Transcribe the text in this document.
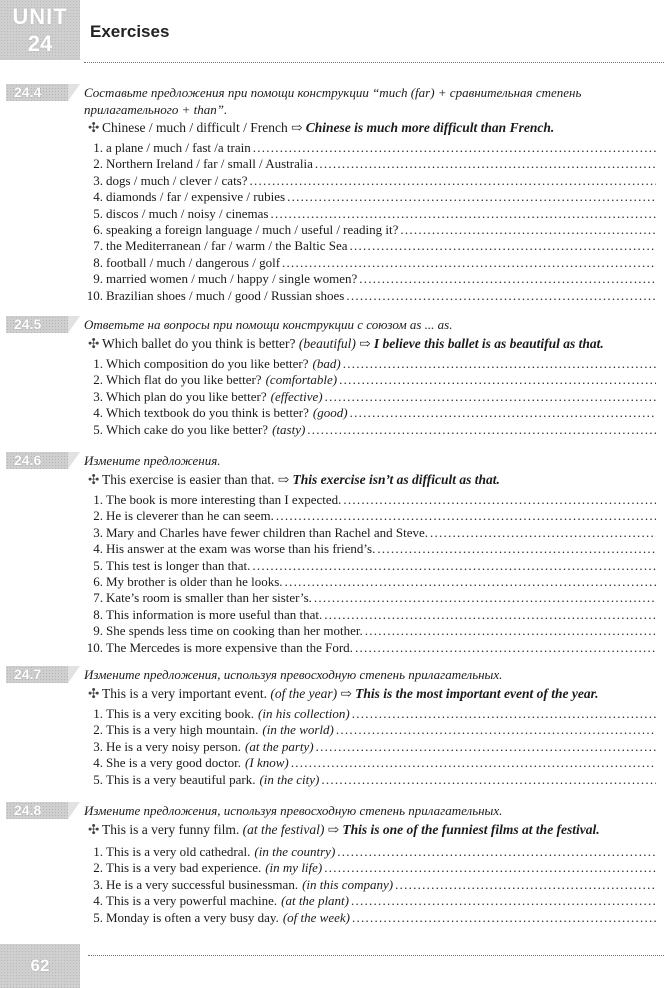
UNIT
24	Exercises
24.4	Составьте предложения при помощи конструкции “much (far) + сравнительная степень прилагательного + than”.
✣ Chinese / much / difficult / French ⇨ Chinese is much more difficult than French.
1. a plane / much / fast /a train
. . .
2. Northern Ireland / far / small / Australia
. . .
3. dogs / much / clever / cats?
. . .
4. diamonds / far / expensive / rubies
. . .
5. discos / much / noisy / cinemas
. . .
6. speaking a foreign language / much / useful / reading it?
. . .
7. the Mediterranean / far / warm / the Baltic Sea
. . .
8. football / much / dangerous / golf
. . .
9. married women / much / happy / single women?
. . .
10. Brazilian shoes / much / good / Russian shoes
. . .
24.5	Ответьте на вопросы при помощи конструкции с союзом as ... as.
✣ Which ballet do you think is better? (beautiful) ⇨ I believe this ballet is as beautiful as that.
1. Which composition do you like better? (bad)
. . .
2. Which flat do you like better? (comfortable)
. . .
3. Which plan do you like better? (effective)
. . .
4. Which textbook do you think is better? (good)
. . .
5. Which cake do you like better? (tasty)
. . .
24.6	Измените предложения.
✣ This exercise is easier than that. ⇨ This exercise isn’t as difficult as that.
1. The book is more interesting than I expected.
. . .
2. He is cleverer than he can seem.
. . .
3. Mary and Charles have fewer children than Rachel and Steve.
. . .
4. His answer at the exam was worse than his friend’s.
. . .
5. This test is longer than that.
. . .
6. My brother is older than he looks.
. . .
7. Kate’s room is smaller than her sister’s.
. . .
8. This information is more useful than that.
. . .
9. She spends less time on cooking than her mother.
. . .
10. The Mercedes is more expensive than the Ford.
. . .
24.7	Измените предложения, используя превосходную степень прилагательных.
✣ This is a very important event. (of the year) ⇨ This is the most important event of the year.
1. This is a very exciting book. (in his collection)
. . .
2. This is a very high mountain. (in the world)
. . .
3. He is a very noisy person. (at the party)
. . .
4. She is a very good doctor. (I know)
. . .
5. This is a very beautiful park. (in the city)
. . .
24.8	Измените предложения, используя превосходную степень прилагательных.
✣ This is a very funny film. (at the festival) ⇨ This is one of the funniest films at the festival.
1. This is a very old cathedral. (in the country)
. . .
2. This is a very bad experience. (in my life)
. . .
3. He is a very successful businessman. (in this company)
. . .
4. This is a very powerful machine. (at the plant)
. . .
5. Monday is often a very busy day. (of the week)
. . .
62
